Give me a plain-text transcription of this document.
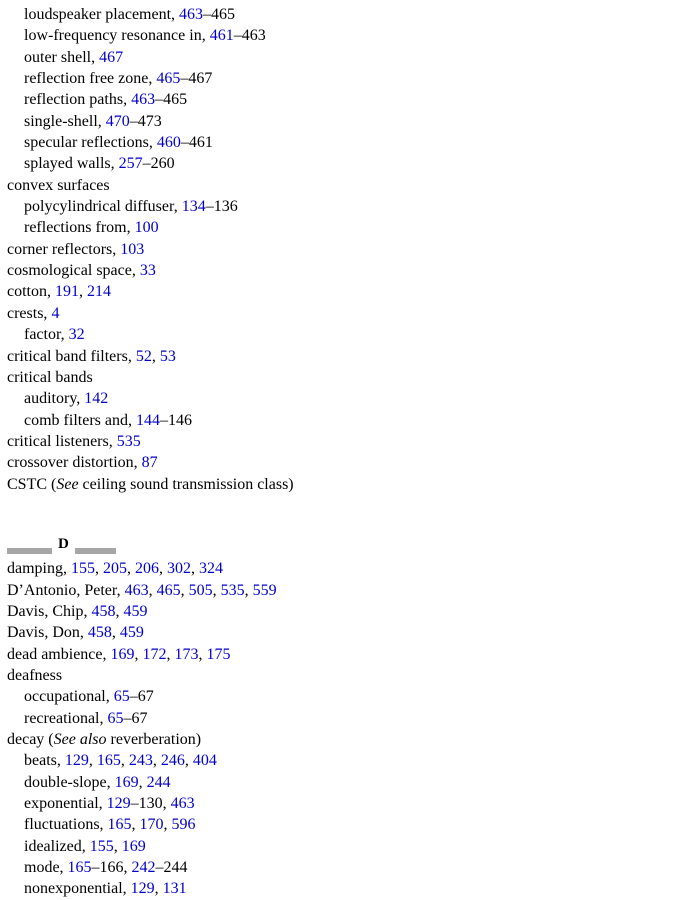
loudspeaker placement, 463–465
low-frequency resonance in, 461–463
outer shell, 467
reflection free zone, 465–467
reflection paths, 463–465
single-shell, 470–473
specular reflections, 460–461
splayed walls, 257–260
convex surfaces
polycylindrical diffuser, 134–136
reflections from, 100
corner reflectors, 103
cosmological space, 33
cotton, 191, 214
crests, 4
factor, 32
critical band filters, 52, 53
critical bands
auditory, 142
comb filters and, 144–146
critical listeners, 535
crossover distortion, 87
CSTC (See ceiling sound transmission class)
D
damping, 155, 205, 206, 302, 324
D’Antonio, Peter, 463, 465, 505, 535, 559
Davis, Chip, 458, 459
Davis, Don, 458, 459
dead ambience, 169, 172, 173, 175
deafness
occupational, 65–67
recreational, 65–67
decay (See also reverberation)
beats, 129, 165, 243, 246, 404
double-slope, 169, 244
exponential, 129–130, 463
fluctuations, 165, 170, 596
idealized, 155, 169
mode, 165–166, 242–244
nonexponential, 129, 131
